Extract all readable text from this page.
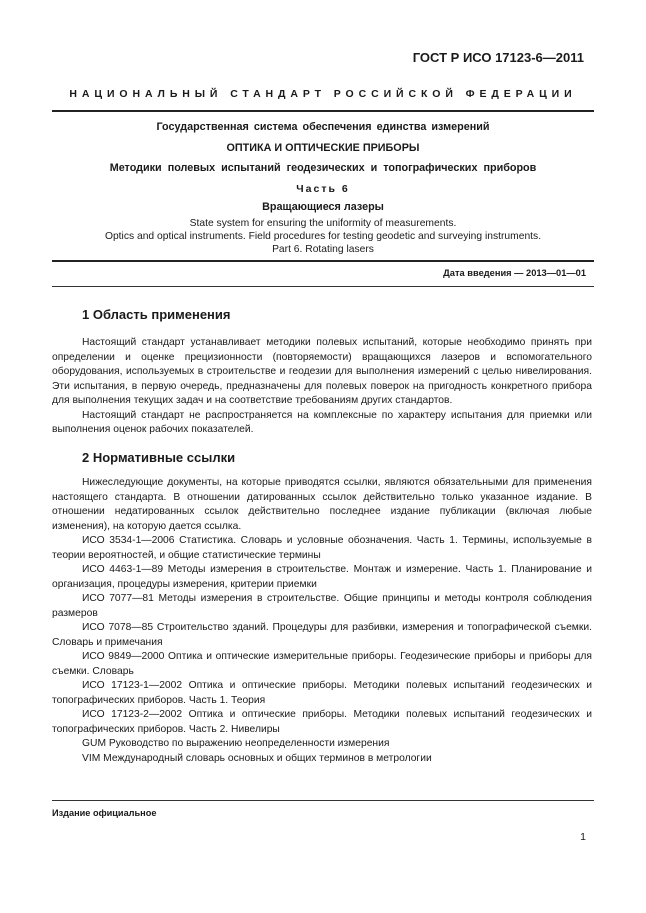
ГОСТ Р ИСО 17123-6—2011
НАЦИОНАЛЬНЫЙ СТАНДАРТ РОССИЙСКОЙ ФЕДЕРАЦИИ

Государственная система обеспечения единства измерений

ОПТИКА И ОПТИЧЕСКИЕ ПРИБОРЫ

Методики полевых испытаний геодезических и топографических приборов

Часть 6

Вращающиеся лазеры

State system for ensuring the uniformity of measurements.
Optics and optical instruments. Field procedures for testing geodetic and surveying instruments.
Part 6. Rotating lasers
Дата введения — 2013—01—01
1 Область применения

Настоящий стандарт устанавливает методики полевых испытаний, которые необходимо принять при определении и оценке прецизионности (повторяемости) вращающихся лазеров и вспомогательного оборудования, используемых в строительстве и геодезии для выполнения измерений с целью нивелирования. Эти испытания, в первую очередь, предназначены для полевых поверок на пригодность конкретного прибора для выполнения текущих задач и на соответствие требованиям других стандартов.

Настоящий стандарт не распространяется на комплексные по характеру испытания для приемки или выполнения оценок рабочих показателей.

2 Нормативные ссылки

Нижеследующие документы, на которые приводятся ссылки, являются обязательными для применения настоящего стандарта. В отношении датированных ссылок действительно только указанное издание. В отношении недатированных ссылок действительно последнее издание публикации (включая любые изменения), на которую дается ссылка.

ИСО 3534-1—2006 Статистика. Словарь и условные обозначения. Часть 1. Термины, используемые в теории вероятностей, и общие статистические термины

ИСО 4463-1—89 Методы измерения в строительстве. Монтаж и измерение. Часть 1. Планирование и организация, процедуры измерения, критерии приемки

ИСО 7077—81 Методы измерения в строительстве. Общие принципы и методы контроля соблюдения размеров

ИСО 7078—85 Строительство зданий. Процедуры для разбивки, измерения и топографической съемки. Словарь и примечания

ИСО 9849—2000 Оптика и оптические измерительные приборы. Геодезические приборы и приборы для съемки. Словарь

ИСО 17123-1—2002 Оптика и оптические приборы. Методики полевых испытаний геодезических и топографических приборов. Часть 1. Теория

ИСО 17123-2—2002 Оптика и оптические приборы. Методики полевых испытаний геодезических и топографических приборов. Часть 2. Нивелиры

GUM Руководство по выражению неопределенности измерения

VIM Международный словарь основных и общих терминов в метрологии

Издание официальное
1
